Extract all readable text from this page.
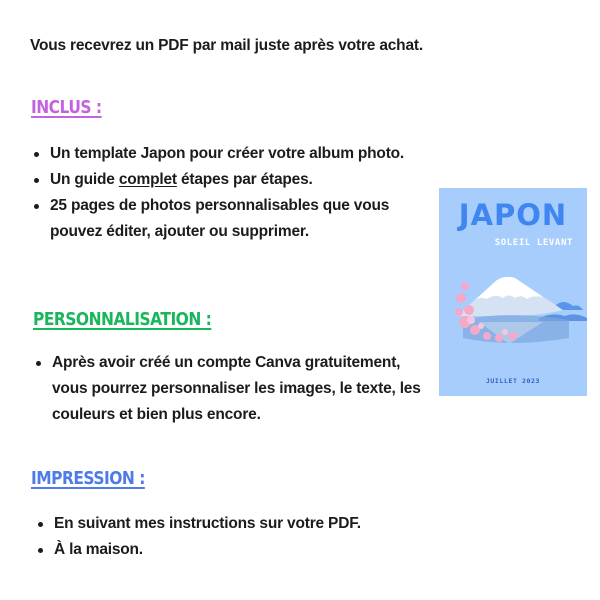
Vous recevrez un PDF par mail juste après votre achat.
INCLUS :
Un template Japon pour créer votre album photo.
Un guide complet étapes par étapes.
25 pages de photos personnalisables que vous pouvez éditer, ajouter ou supprimer.
PERSONNALISATION :
Après avoir créé un compte Canva gratuitement, vous pourrez personnaliser les images, le texte, les couleurs et bien plus encore.
IMPRESSION :
En suivant mes instructions sur votre PDF.
À la maison.
JAPON
SOLEIL LEVANT
JUILLET 2023
